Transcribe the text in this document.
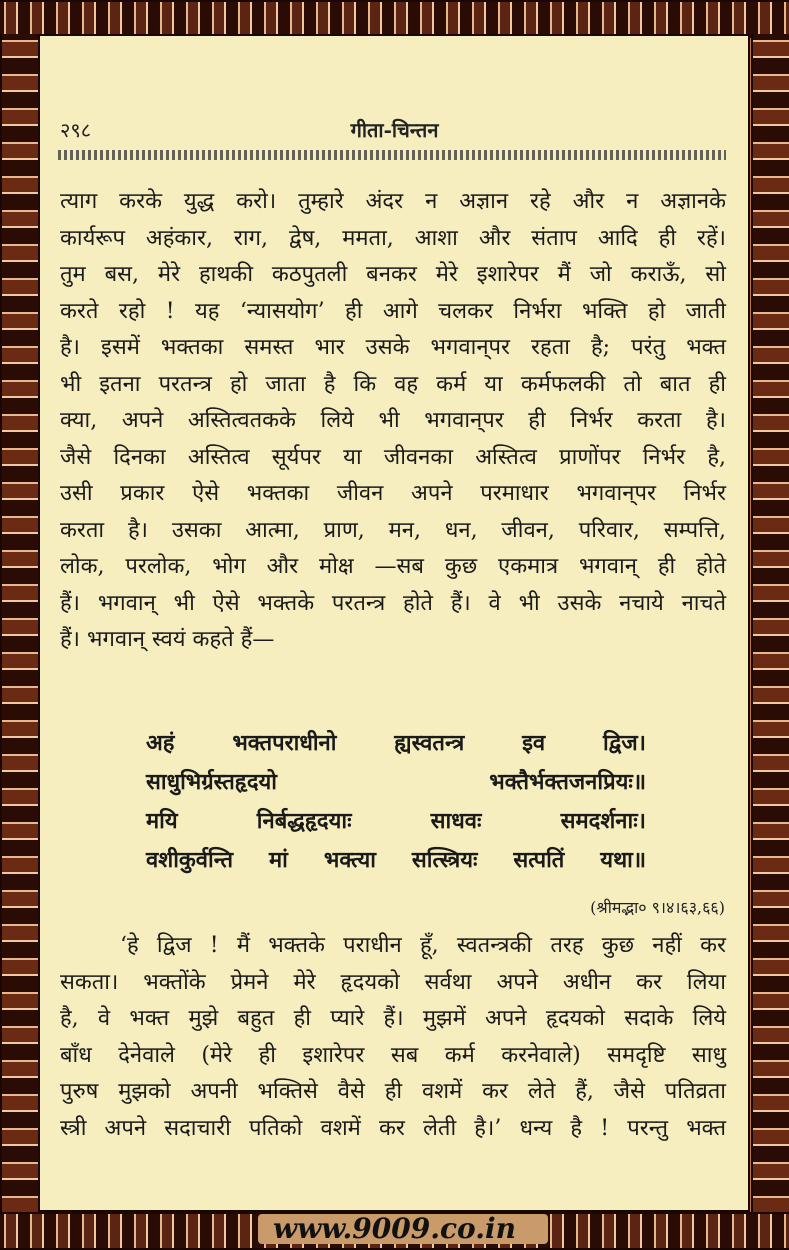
२९८	गीता-चिन्तन
त्याग करके युद्ध करो। तुम्हारे अंदर न अज्ञान रहे और न अज्ञानके
कार्यरूप अहंकार, राग, द्वेष, ममता, आशा और संताप आदि ही रहें।
तुम बस, मेरे हाथकी कठपुतली बनकर मेरे इशारेपर मैं जो कराऊँ, सो
करते रहो ! यह ‘न्यासयोग’ ही आगे चलकर निर्भरा भक्ति हो जाती
है। इसमें भक्तका समस्त भार उसके भगवान्‌पर रहता है; परंतु भक्त
भी इतना परतन्त्र हो जाता है कि वह कर्म या कर्मफलकी तो बात ही
क्या, अपने अस्तित्वतकके लिये भी भगवान्‌पर ही निर्भर करता है।
जैसे दिनका अस्तित्व सूर्यपर या जीवनका अस्तित्व प्राणोंपर निर्भर है,
उसी प्रकार ऐसे भक्तका जीवन अपने परमाधार भगवान्‌पर निर्भर
करता है। उसका आत्मा, प्राण, मन, धन, जीवन, परिवार, सम्पत्ति,
लोक, परलोक, भोग और मोक्ष —सब कुछ एकमात्र भगवान् ही होते
हैं। भगवान् भी ऐसे भक्तके परतन्त्र होते हैं। वे भी उसके नचाये नाचते
हैं। भगवान् स्वयं कहते हैं—
अहं भक्तपराधीनो ह्यस्वतन्त्र इव द्विज।
साधुभिर्ग्रस्तहृदयो भक्तैर्भक्तजनप्रियः॥
मयि निर्बद्धहृदयाः साधवः समदर्शनाः।
वशीकुर्वन्ति मां भक्त्या सत्स्त्रियः सत्पतिं यथा॥
(श्रीमद्भा० ९।४।६३,६६)
‘हे द्विज ! मैं भक्तके पराधीन हूँ, स्वतन्त्रकी तरह कुछ नहीं कर
सकता। भक्तोंके प्रेमने मेरे हृदयको सर्वथा अपने अधीन कर लिया
है, वे भक्त मुझे बहुत ही प्यारे हैं। मुझमें अपने हृदयको सदाके लिये
बाँध देनेवाले (मेरे ही इशारेपर सब कर्म करनेवाले) समदृष्टि साधु
पुरुष मुझको अपनी भक्तिसे वैसे ही वशमें कर लेते हैं, जैसे पतिव्रता
स्त्री अपने सदाचारी पतिको वशमें कर लेती है।’ धन्य है ! परन्तु भक्त
www.9009.co.in
